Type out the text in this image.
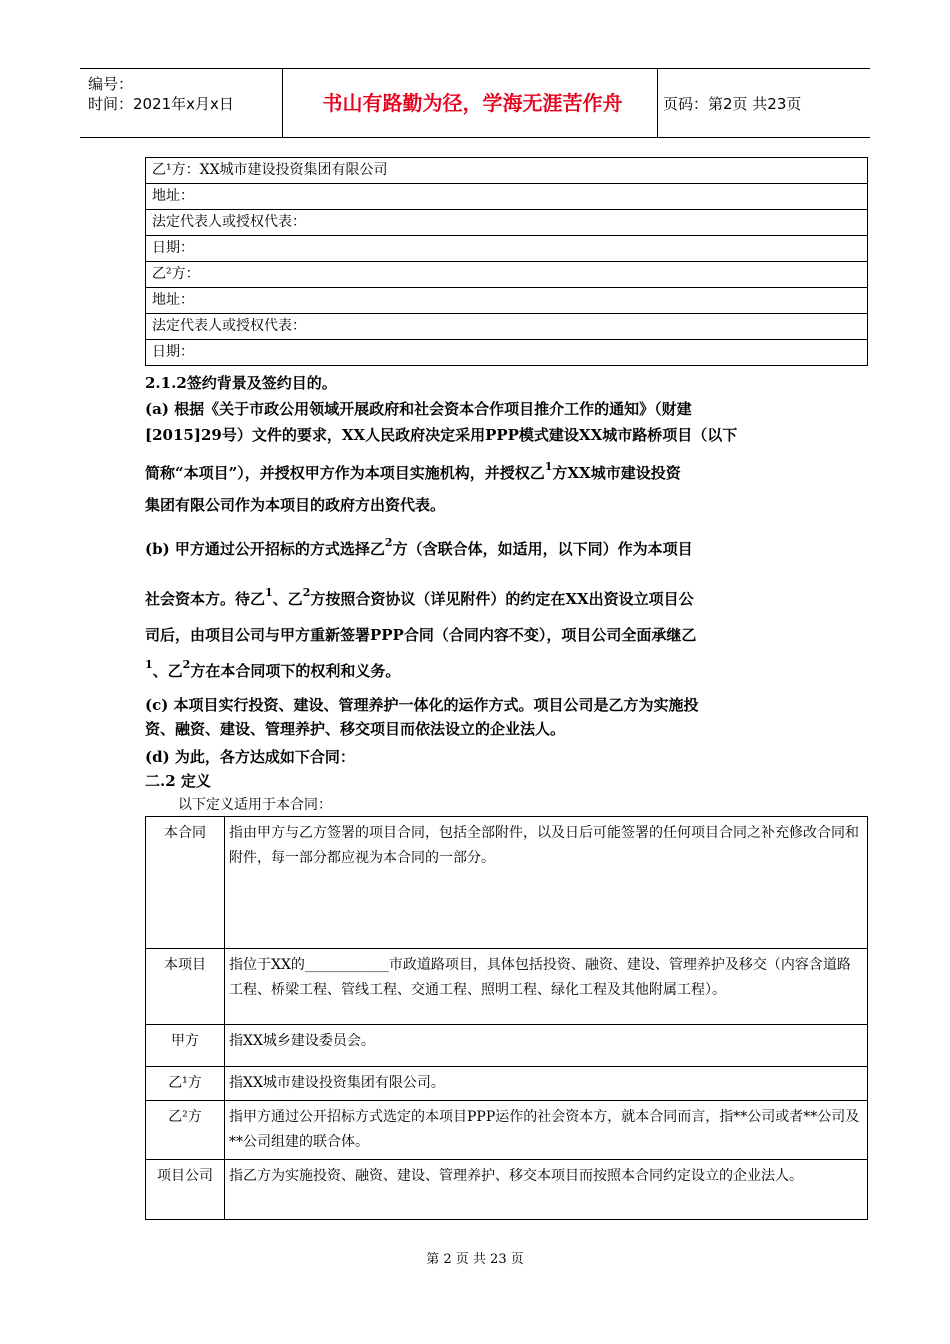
编号：
时间：2021年x月x日	书山有路勤为径，学海无涯苦作舟	页码：第2页 共23页
乙¹方：XX城市建设投资集团有限公司
地址：
法定代表人或授权代表：
日期：
乙²方：
地址：
法定代表人或授权代表：
日期：
2.1.2签约背景及签约目的。
(a) 根据《关于市政公用领域开展政府和社会资本合作项目推介工作的通知》（财建
[2015]29号）文件的要求，XX人民政府决定采用PPP模式建设XX城市路桥项目（以下
简称“本项目”），并授权甲方作为本项目实施机构，并授权乙$^1$方XX城市建设投资
集团有限公司作为本项目的政府方出资代表。
(b) 甲方通过公开招标的方式选择乙$^2$方（含联合体，如适用，以下同）作为本项目
社会资本方。待乙$^1$、乙$^2$方按照合资协议（详见附件）的约定在XX出资设立项目公
司后，由项目公司与甲方重新签署PPP合同（合同内容不变），项目公司全面承继乙
$^1$、乙$^2$方在本合同项下的权利和义务。
(c) 本项目实行投资、建设、管理养护一体化的运作方式。项目公司是乙方为实施投
资、融资、建设、管理养护、移交项目而依法设立的企业法人。
(d) 为此，各方达成如下合同：
二.2 定义
以下定义适用于本合同：
本合同	指由甲方与乙方签署的项目合同，包括全部附件，以及日后可能签署的任何项目合同之补充修改合同和附件，每一部分都应视为本合同的一部分。
本项目	指位于XX的____________市政道路项目，具体包括投资、融资、建设、管理养护及移交（内容含道路工程、桥梁工程、管线工程、交通工程、照明工程、绿化工程及其他附属工程）。
甲方	指XX城乡建设委员会。
乙¹方	指XX城市建设投资集团有限公司。
乙²方	指甲方通过公开招标方式选定的本项目PPP运作的社会资本方，就本合同而言，指**公司或者**公司及**公司组建的联合体。
项目公司	指乙方为实施投资、融资、建设、管理养护、移交本项目而按照本合同约定设立的企业法人。
第 2 页 共 23 页
